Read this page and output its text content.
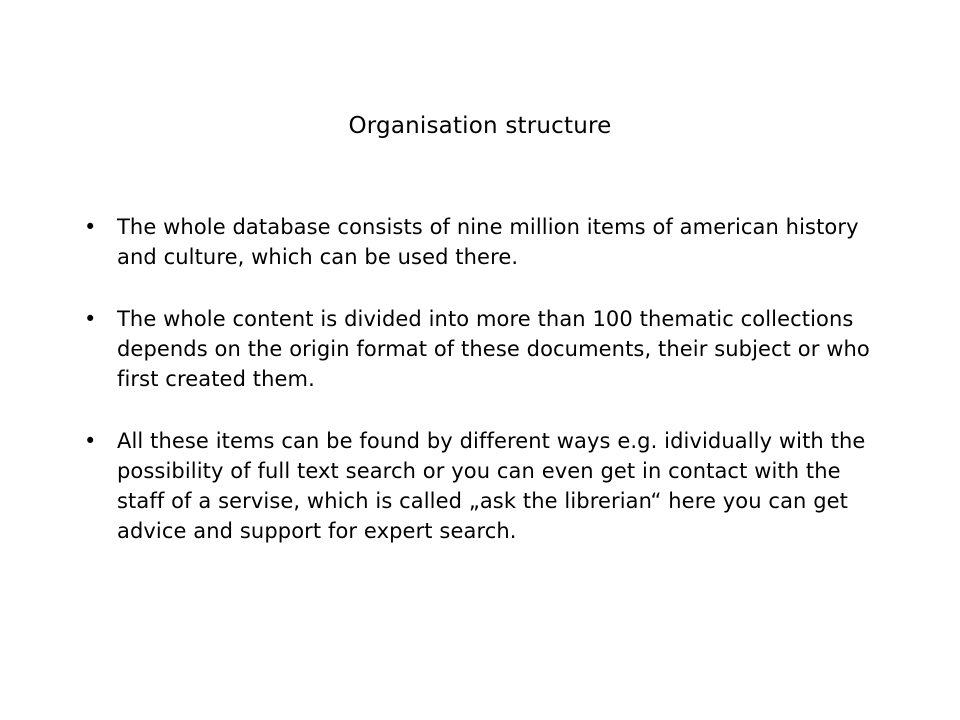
Organisation structure
• The whole database consists of nine million items of american history and culture, which can be used there.
• The whole content is divided into more than 100 thematic collections depends on the origin format of these documents, their subject or who first created them.
• All these items can be found by different ways e.g. idividually with the possibility of full text search or you can even get in contact with the staff of a servise, which is called „ask the librerian“ here you can get advice and support for expert search.
